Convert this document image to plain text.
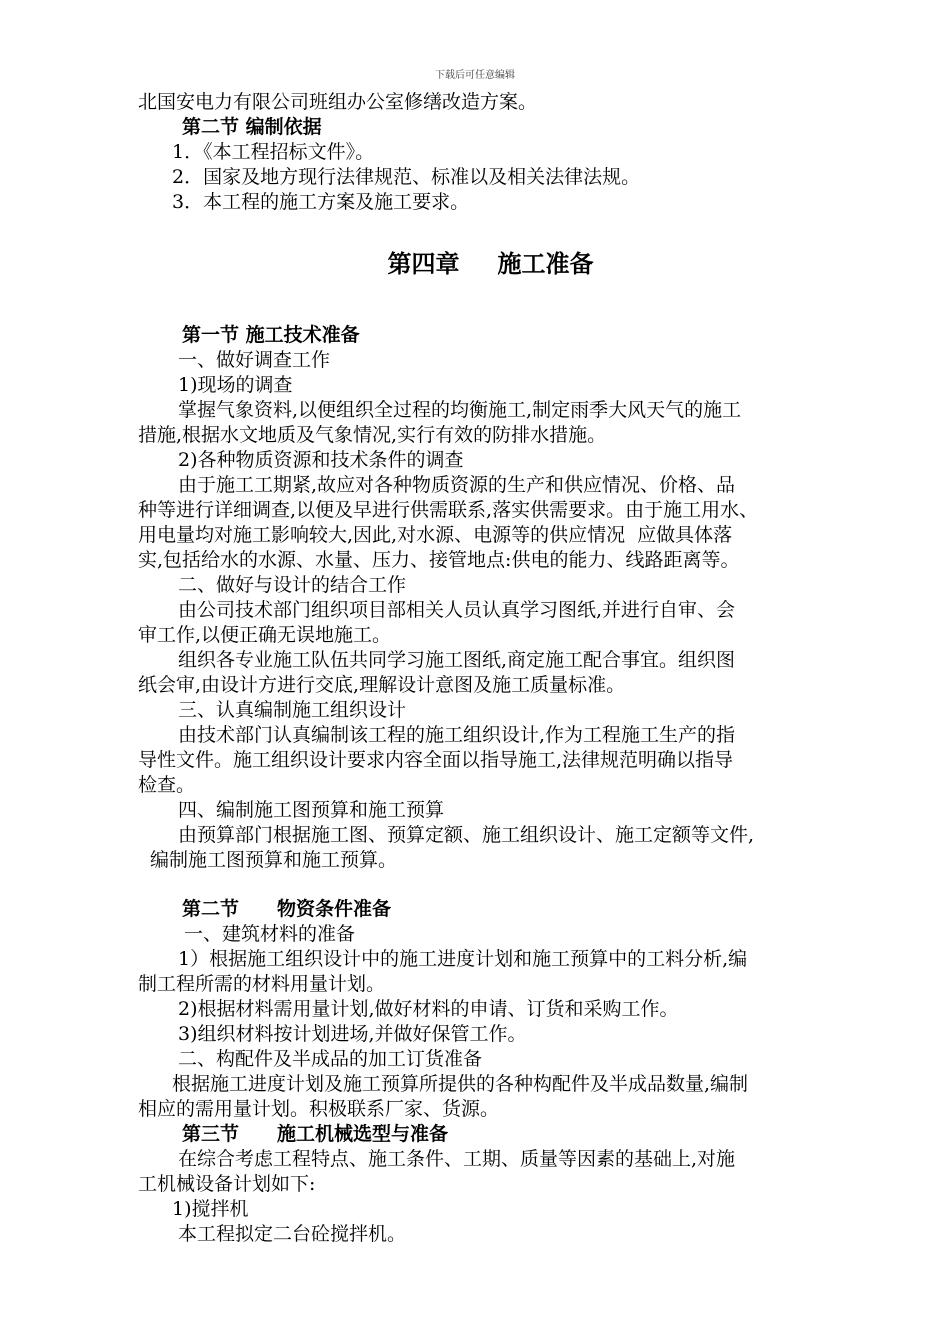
下载后可任意编辑

北国安电力有限公司班组办公室修缮改造方案。

第二节 编制依据

1．《本工程招标文件》。

2．国家及地方现行法律规范、标准以及相关法律法规。

3．本工程的施工方案及施工要求。

第四章 施工准备

第一节 施工技术准备

一、做好调查工作

1)现场的调查

掌握气象资料,以便组织全过程的均衡施工,制定雨季大风天气的施工

措施,根据水文地质及气象情况,实行有效的防排水措施。

2)各种物质资源和技术条件的调查

由于施工工期紧,故应对各种物质资源的生产和供应情况、价格、品

种等进行详细调查,以便及早进行供需联系,落实供需要求。由于施工用水、

用电量均对施工影响较大,因此,对水源、电源等的供应情况  应做具体落

实,包括给水的水源、水量、压力、接管地点:供电的能力、线路距离等。

二、做好与设计的结合工作

由公司技术部门组织项目部相关人员认真学习图纸,并进行自审、会

审工作,以便正确无误地施工。

组织各专业施工队伍共同学习施工图纸,商定施工配合事宜。组织图

纸会审,由设计方进行交底,理解设计意图及施工质量标准。

三、认真编制施工组织设计

由技术部门认真编制该工程的施工组织设计,作为工程施工生产的指

导性文件。施工组织设计要求内容全面以指导施工,法律规范明确以指导

检查。

四、编制施工图预算和施工预算

由预算部门根据施工图、预算定额、施工组织设计、施工定额等文件,

编制施工图预算和施工预算。

第二节 物资条件准备

一、建筑材料的准备

1）根据施工组织设计中的施工进度计划和施工预算中的工料分析,编

制工程所需的材料用量计划。

2)根据材料需用量计划,做好材料的申请、订货和采购工作。

3)组织材料按计划进场,并做好保管工作。

二、构配件及半成品的加工订货准备

根据施工进度计划及施工预算所提供的各种构配件及半成品数量,编制

相应的需用量计划。积极联系厂家、货源。

第三节 施工机械选型与准备

在综合考虑工程特点、施工条件、工期、质量等因素的基础上,对施

工机械设备计划如下:

1)搅拌机

本工程拟定二台砼搅拌机。
